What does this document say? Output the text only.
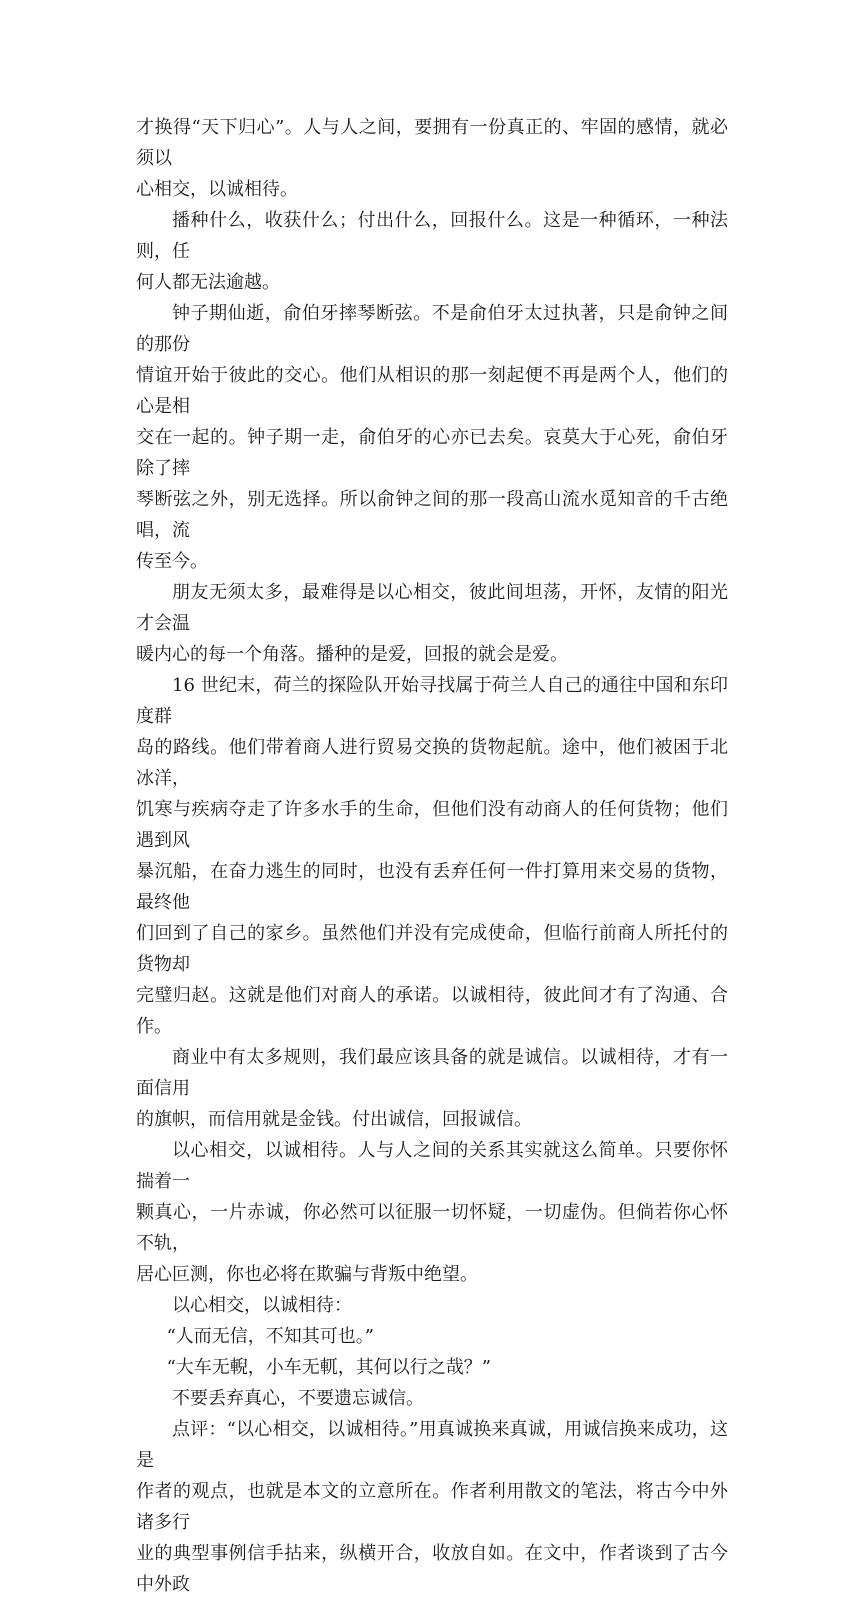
才换得“天下归心”。人与人之间，要拥有一份真正的、牢固的感情，就必须以
心相交，以诚相待。

播种什么，收获什么；付出什么，回报什么。这是一种循环，一种法则，任
何人都无法逾越。

钟子期仙逝，俞伯牙摔琴断弦。不是俞伯牙太过执著，只是俞钟之间的那份
情谊开始于彼此的交心。他们从相识的那一刻起便不再是两个人，他们的心是相
交在一起的。钟子期一走，俞伯牙的心亦已去矣。哀莫大于心死，俞伯牙除了摔
琴断弦之外，别无选择。所以俞钟之间的那一段高山流水觅知音的千古绝唱，流
传至今。

朋友无须太多，最难得是以心相交，彼此间坦荡，开怀，友情的阳光才会温
暖内心的每一个角落。播种的是爱，回报的就会是爱。

16 世纪末，荷兰的探险队开始寻找属于荷兰人自己的通往中国和东印度群
岛的路线。他们带着商人进行贸易交换的货物起航。途中，他们被困于北冰洋，
饥寒与疾病夺走了许多水手的生命，但他们没有动商人的任何货物；他们遇到风
暴沉船，在奋力逃生的同时，也没有丢弃任何一件打算用来交易的货物，最终他
们回到了自己的家乡。虽然他们并没有完成使命，但临行前商人所托付的货物却
完璧归赵。这就是他们对商人的承诺。以诚相待，彼此间才有了沟通、合作。

商业中有太多规则，我们最应该具备的就是诚信。以诚相待，才有一面信用
的旗帜，而信用就是金钱。付出诚信，回报诚信。

以心相交，以诚相待。人与人之间的关系其实就这么简单。只要你怀揣着一
颗真心，一片赤诚，你必然可以征服一切怀疑，一切虚伪。但倘若你心怀不轨，
居心叵测，你也必将在欺骗与背叛中绝望。

以心相交，以诚相待：

“人而无信，不知其可也。”

“大车无輗，小车无軏，其何以行之哉？”

不要丢弃真心，不要遗忘诚信。

点评：“以心相交，以诚相待。”用真诚换来真诚，用诚信换来成功，这是
作者的观点，也就是本文的立意所在。作者利用散文的笔法，将古今中外诸多行
业的典型事例信手拈来，纵横开合，收放自如。在文中，作者谈到了古今中外政
